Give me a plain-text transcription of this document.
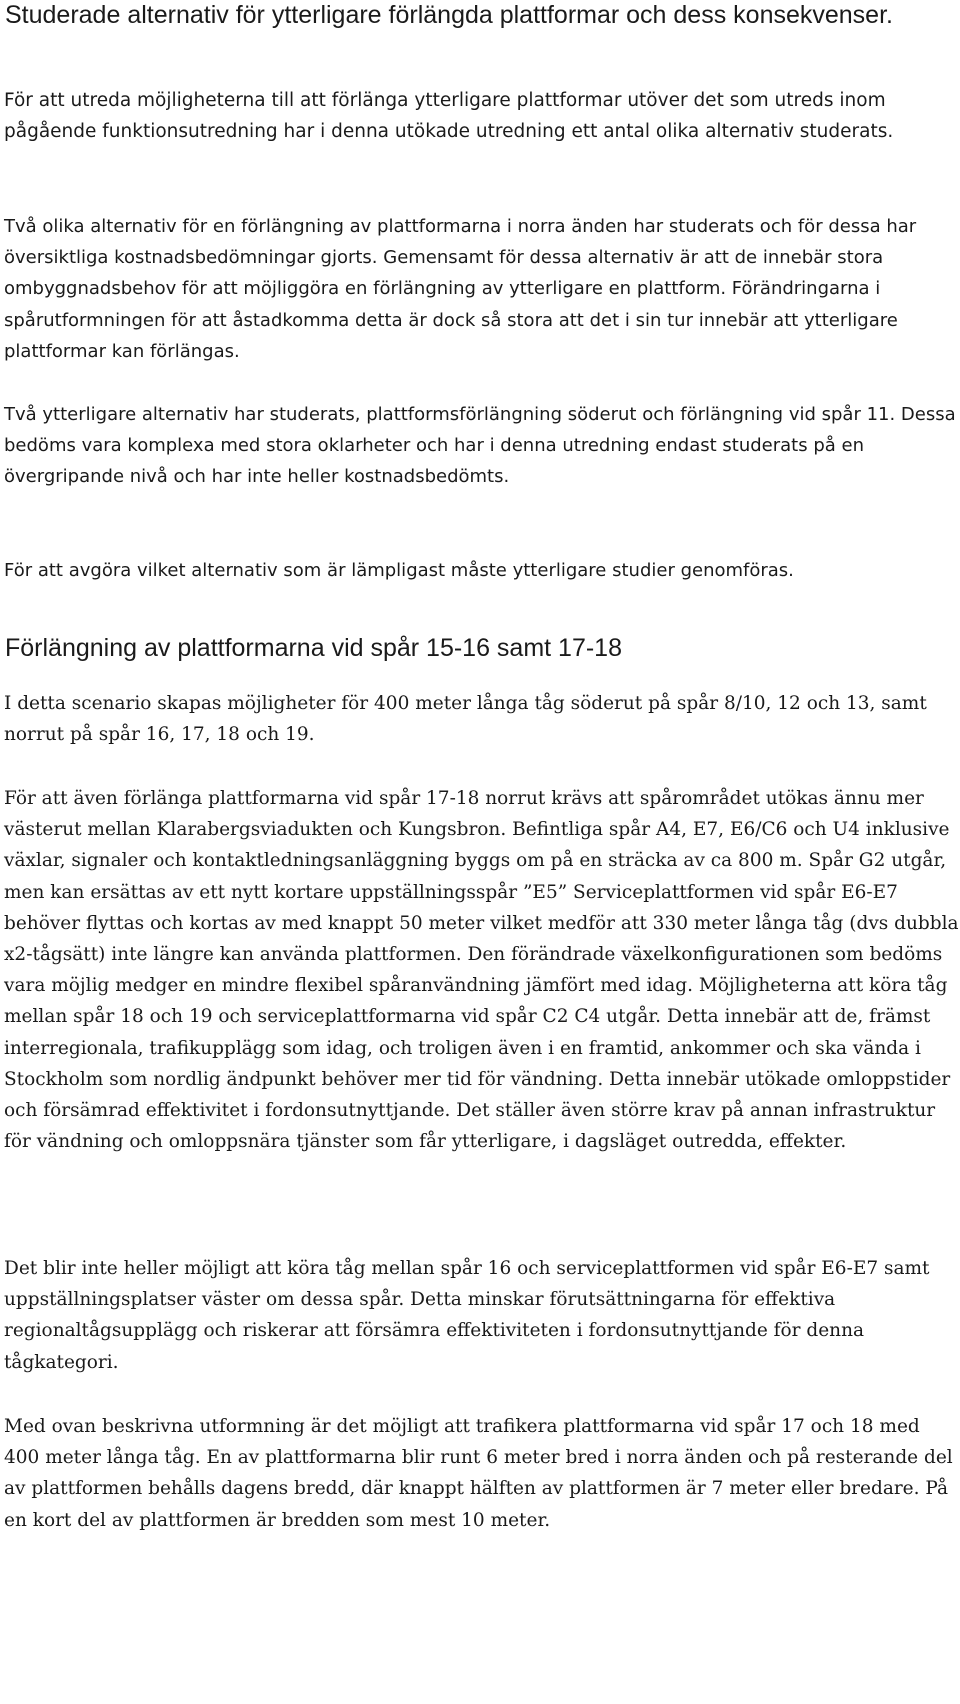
Studerade alternativ för ytterligare förlängda plattformar och dess konsekvenser.

För att utreda möjligheterna till att förlänga ytterligare plattformar utöver det som utreds inom pågående funktionsutredning har i denna utökade utredning ett antal olika alternativ studerats.

Två olika alternativ för en förlängning av plattformarna i norra änden har studerats och för dessa har översiktliga kostnadsbedömningar gjorts. Gemensamt för dessa alternativ är att de innebär stora ombyggnadsbehov för att möjliggöra en förlängning av ytterligare en plattform. Förändringarna i spårutformningen för att åstadkomma detta är dock så stora att det i sin tur innebär att ytterligare plattformar kan förlängas.

Två ytterligare alternativ har studerats, plattformsförlängning söderut och förlängning vid spår 11. Dessa bedöms vara komplexa med stora oklarheter och har i denna utredning endast studerats på en övergripande nivå och har inte heller kostnadsbedömts.

För att avgöra vilket alternativ som är lämpligast måste ytterligare studier genomföras.

Förlängning av plattformarna vid spår 15-16 samt 17-18

I detta scenario skapas möjligheter för 400 meter långa tåg söderut på spår 8/10, 12 och 13, samt norrut på spår 16, 17, 18 och 19.

För att även förlänga plattformarna vid spår 17-18 norrut krävs att spårområdet utökas ännu mer västerut mellan Klarabergsviadukten och Kungsbron. Befintliga spår A4, E7, E6/C6 och U4 inklusive växlar, signaler och kontaktledningsanläggning byggs om på en sträcka av ca 800 m. Spår G2 utgår, men kan ersättas av ett nytt kortare uppställningsspår ”E5” Serviceplattformen vid spår E6-E7 behöver flyttas och kortas av med knappt 50 meter vilket medför att 330 meter långa tåg (dvs dubbla x2-tågsätt) inte längre kan använda plattformen. Den förändrade växelkonfigurationen som bedöms vara möjlig medger en mindre flexibel spåranvändning jämfört med idag. Möjligheterna att köra tåg mellan spår 18 och 19 och serviceplattformarna vid spår C2 C4 utgår. Detta innebär att de, främst interregionala, trafikupplägg som idag, och troligen även i en framtid, ankommer och ska vända i Stockholm som nordlig ändpunkt behöver mer tid för vändning. Detta innebär utökade omloppstider och försämrad effektivitet i fordonsutnyttjande. Det ställer även större krav på annan infrastruktur för vändning och omloppsnära tjänster som får ytterligare, i dagsläget outredda, effekter.

Det blir inte heller möjligt att köra tåg mellan spår 16 och serviceplattformen vid spår E6-E7 samt uppställningsplatser väster om dessa spår. Detta minskar förutsättningarna för effektiva regionaltågsupplägg och riskerar att försämra effektiviteten i fordonsutnyttjande för denna tågkategori.

Med ovan beskrivna utformning är det möjligt att trafikera plattformarna vid spår 17 och 18 med 400 meter långa tåg. En av plattformarna blir runt 6 meter bred i norra änden och på resterande del av plattformen behålls dagens bredd, där knappt hälften av plattformen är 7 meter eller bredare. På en kort del av plattformen är bredden som mest 10 meter.
